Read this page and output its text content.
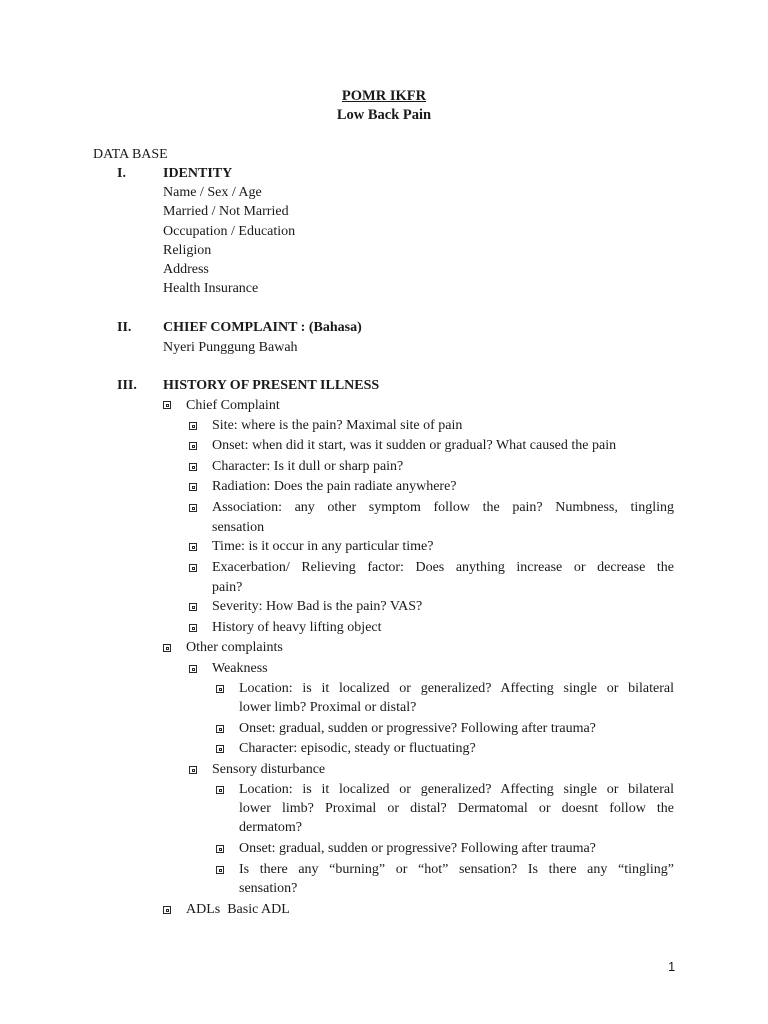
POMR IKFR
Low Back Pain
DATA BASE
I.	IDENTITY
Name / Sex / Age
Married / Not Married
Occupation / Education
Religion
Address
Health Insurance
II. CHIEF COMPLAINT : (Bahasa)
Nyeri Punggung Bawah
III. HISTORY OF PRESENT ILLNESS
Chief Complaint
Site: where is the pain? Maximal site of pain
Onset: when did it start, was it sudden or gradual? What caused the pain
Character: Is it dull or sharp pain?
Radiation: Does the pain radiate anywhere?
Association: any other symptom follow the pain? Numbness, tingling
sensation
Time: is it occur in any particular time?
Exacerbation/ Relieving factor: Does anything increase or decrease the
pain?
Severity: How Bad is the pain? VAS?
History of heavy lifting object
Other complaints
Weakness
Location: is it localized or generalized? Affecting single or bilateral
lower limb? Proximal or distal?
Onset: gradual, sudden or progressive? Following after trauma?
Character: episodic, steady or fluctuating?
Sensory disturbance
Location: is it localized or generalized? Affecting single or bilateral
lower limb? Proximal or distal? Dermatomal or doesnt follow the
dermatom?
Onset: gradual, sudden or progressive? Following after trauma?
Is there any “burning” or “hot” sensation? Is there any “tingling”
sensation?
ADLs  Basic ADL
1
